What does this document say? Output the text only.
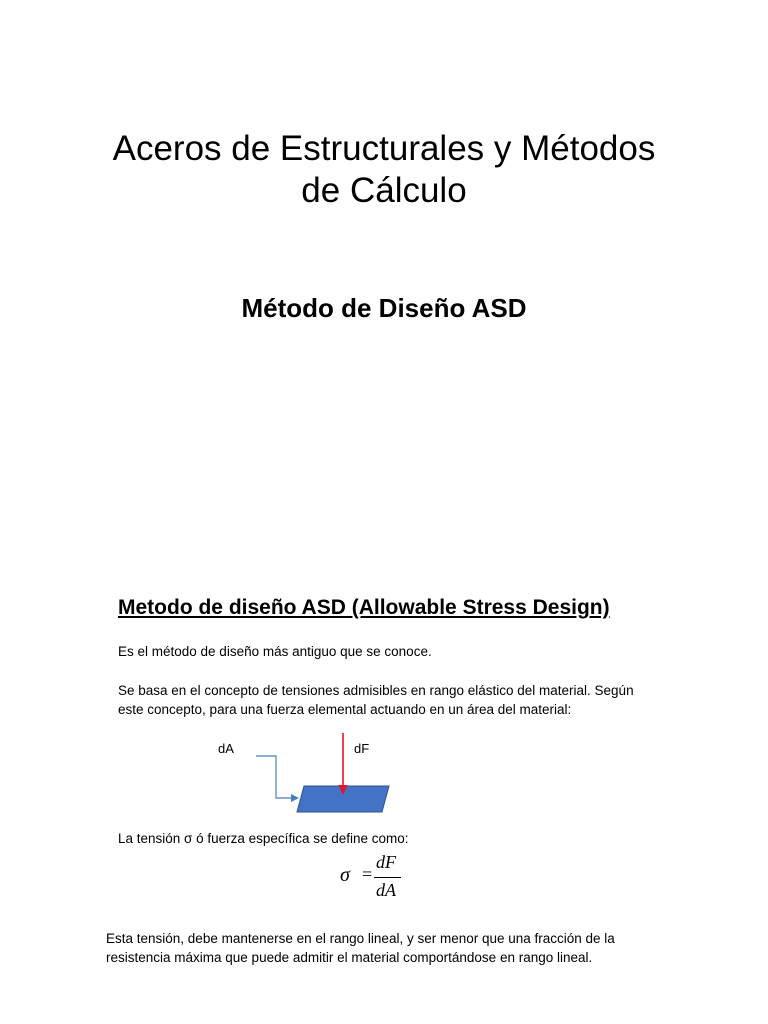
Aceros de Estructurales y Métodos
de Cálculo
Método de Diseño ASD
Metodo de diseño ASD (Allowable Stress Design)
Es el método de diseño más antiguo que se conoce.
Se basa en el concepto de tensiones admisibles en rango elástico del material. Según
este concepto, para una fuerza elemental actuando en un área del material:
dA	dF
La tensión σ ó fuerza específica se define como:
σ =
dF
dA
Esta tensión, debe mantenerse en el rango lineal, y ser menor que una fracción de la
resistencia máxima que puede admitir el material comportándose en rango lineal.
